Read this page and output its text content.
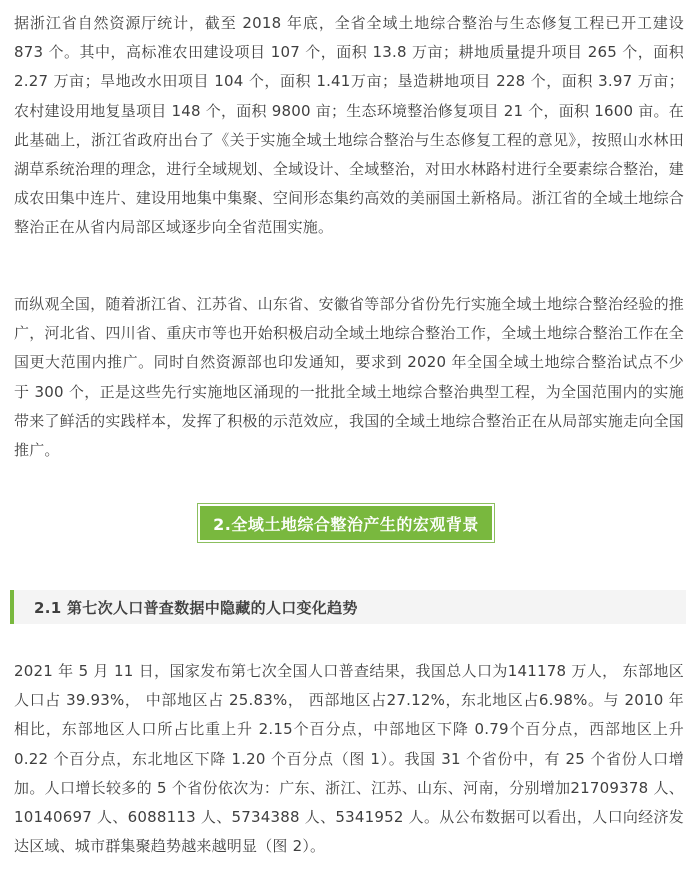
据浙江省自然资源厅统计，截至 2018 年底，全省全域土地综合整治与生态修复工程已开工建设 873 个。其中，高标准农田建设项目 107 个，面积 13.8 万亩；耕地质量提升项目 265 个，面积 2.27 万亩；旱地改水田项目 104 个，面积 1.41万亩；垦造耕地项目 228 个，面积 3.97 万亩；农村建设用地复垦项目 148 个，面积 9800 亩；生态环境整治修复项目 21 个，面积 1600 亩。在此基础上，浙江省政府出台了《关于实施全域土地综合整治与生态修复工程的意见》，按照山水林田湖草系统治理的理念，进行全域规划、全域设计、全域整治，对田水林路村进行全要素综合整治，建成农田集中连片、建设用地集中集聚、空间形态集约高效的美丽国土新格局。浙江省的全域土地综合整治正在从省内局部区域逐步向全省范围实施。

而纵观全国，随着浙江省、江苏省、山东省、安徽省等部分省份先行实施全域土地综合整治经验的推广，河北省、四川省、重庆市等也开始积极启动全域土地综合整治工作，全域土地综合整治工作在全国更大范围内推广。同时自然资源部也印发通知，要求到 2020 年全国全域土地综合整治试点不少于 300 个，正是这些先行实施地区涌现的一批批全域土地综合整治典型工程，为全国范围内的实施带来了鲜活的实践样本，发挥了积极的示范效应，我国的全域土地综合整治正在从局部实施走向全国推广。

2.全域土地综合整治产生的宏观背景
2.1 第七次人口普查数据中隐藏的人口变化趋势

2021 年 5 月 11 日，国家发布第七次全国人口普查结果，我国总人口为141178 万人， 东部地区人口占 39.93%， 中部地区占 25.83%， 西部地区占27.12%，东北地区占6.98%。与 2010 年相比，东部地区人口所占比重上升 2.15个百分点，中部地区下降 0.79个百分点，西部地区上升 0.22 个百分点，东北地区下降 1.20 个百分点（图 1）。我国 31 个省份中，有 25 个省份人口增加。人口增长较多的 5 个省份依次为：广东、浙江、江苏、山东、河南，分别增加21709378 人、10140697 人、6088113 人、5734388 人、5341952 人。从公布数据可以看出，人口向经济发达区域、城市群集聚趋势越来越明显（图 2）。
